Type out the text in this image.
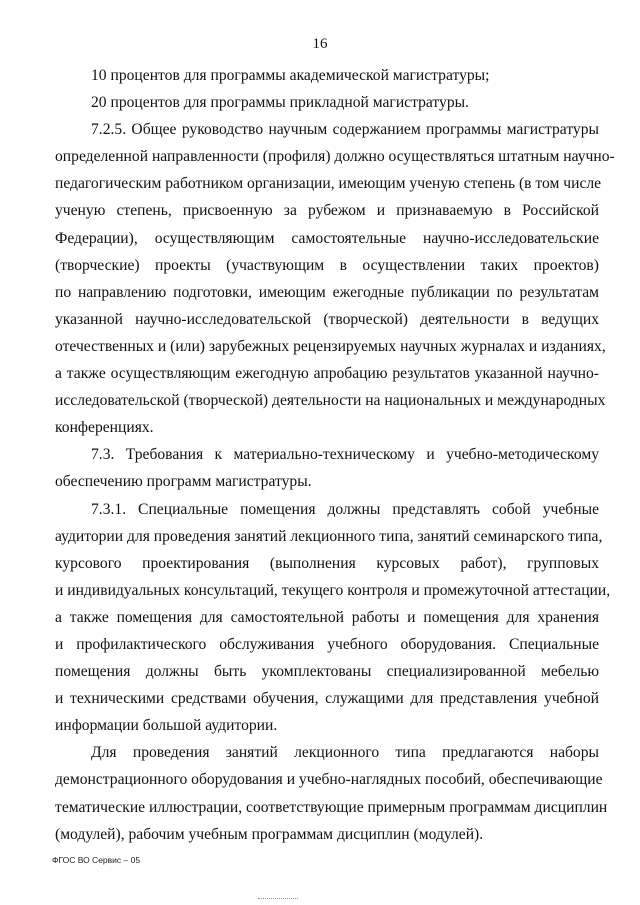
16
10 процентов для программы академической магистратуры;
20 процентов для программы прикладной магистратуры.
7.2.5. Общее руководство научным содержанием программы магистратуры
определенной направленности (профиля) должно осуществляться штатным научно-
педагогическим работником организации, имеющим ученую степень (в том числе
ученую степень, присвоенную за рубежом и признаваемую в Российской
Федерации), осуществляющим самостоятельные научно-исследовательские
(творческие) проекты (участвующим в осуществлении таких проектов)
по направлению подготовки, имеющим ежегодные публикации по результатам
указанной научно-исследовательской (творческой) деятельности в ведущих
отечественных и (или) зарубежных рецензируемых научных журналах и изданиях,
а также осуществляющим ежегодную апробацию результатов указанной научно-
исследовательской (творческой) деятельности на национальных и международных
конференциях.
7.3. Требования к материально-техническому и учебно-методическому
обеспечению программ магистратуры.
7.3.1. Специальные помещения должны представлять собой учебные
аудитории для проведения занятий лекционного типа, занятий семинарского типа,
курсового проектирования (выполнения курсовых работ), групповых
и индивидуальных консультаций, текущего контроля и промежуточной аттестации,
а также помещения для самостоятельной работы и помещения для хранения
и профилактического обслуживания учебного оборудования. Специальные
помещения должны быть укомплектованы специализированной мебелью
и техническими средствами обучения, служащими для представления учебной
информации большой аудитории.
Для проведения занятий лекционного типа предлагаются наборы
демонстрационного оборудования и учебно-наглядных пособий, обеспечивающие
тематические иллюстрации, соответствующие примерным программам дисциплин
(модулей), рабочим учебным программам дисциплин (модулей).
ФГОС ВО Сервис – 05
